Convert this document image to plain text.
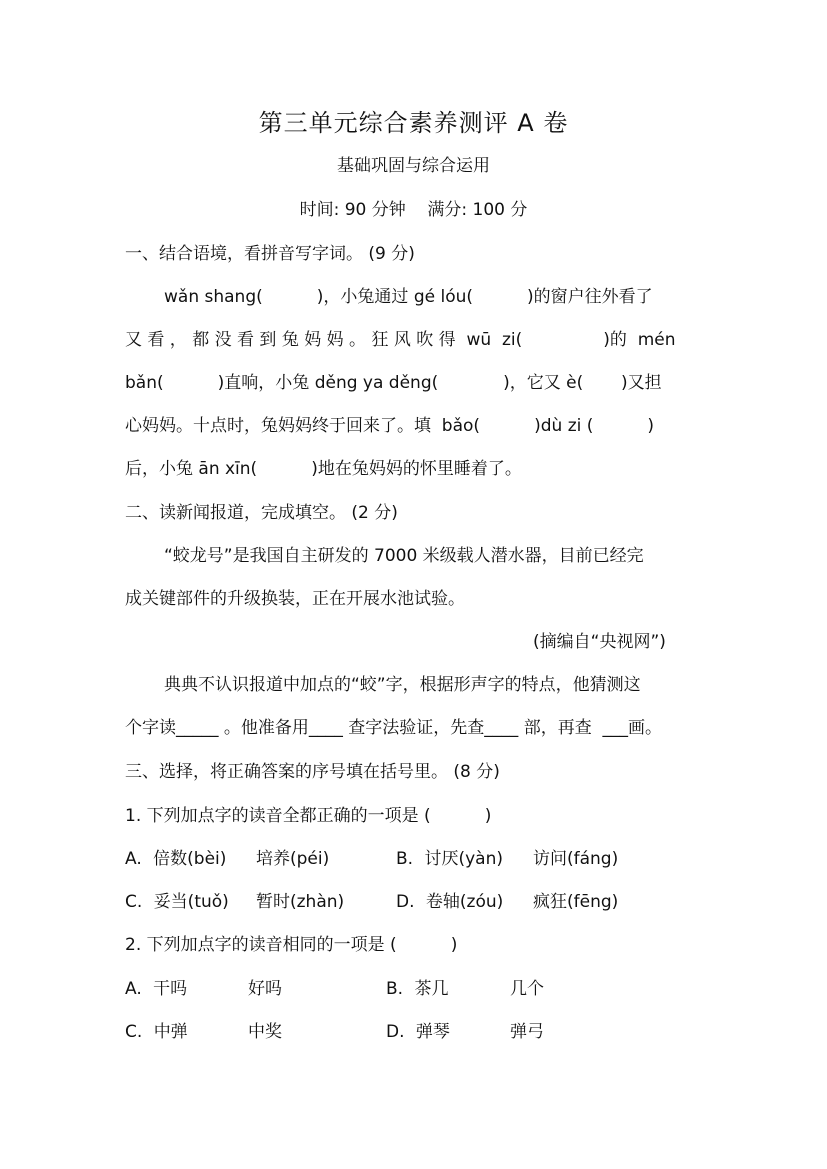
第三单元综合素养测评 A 卷
基础巩固与综合运用
时间: 90 分钟    满分: 100 分
一、结合语境，看拼音写字词。 (9 分)
wǎn shang(          )，小兔通过 gé lóu(          )的窗户往外看了
又 看 ， 都 没 看 到 兔 妈 妈 。 狂 风 吹 得  wū  zi(               )的  mén
bǎn(          )直响，小兔 děng ya děng(            )，它又 è(       )又担
心妈妈。十点时，兔妈妈终于回来了。填  bǎo(          )dù zi (          )
后，小兔 ān xīn(          )地在兔妈妈的怀里睡着了。
二、读新闻报道，完成填空。 (2 分)
“蛟龙号”是我国自主研发的 7000 米级载人潜水器，目前已经完
成关键部件的升级换装，正在开展水池试验。
(摘编自“央视网”)
典典不认识报道中加点的“蛟”字，根据形声字的特点，他猜测这
个字读_____ 。他准备用____ 查字法验证，先查____ 部，再查  ___画。
三、选择，将正确答案的序号填在括号里。 (8 分)
1. 下列加点字的读音全都正确的一项是 (          )
A. 倍数(bèi) 培养(péi)	B. 讨厌(yàn) 访问(fáng)
C. 妥当(tuǒ) 暂时(zhàn)	D. 卷轴(zóu) 疯狂(fēng)
2. 下列加点字的读音相同的一项是 (          )
A. 干吗	好吗	B. 茶几	几个
C. 中弹	中奖	D. 弹琴	弹弓
